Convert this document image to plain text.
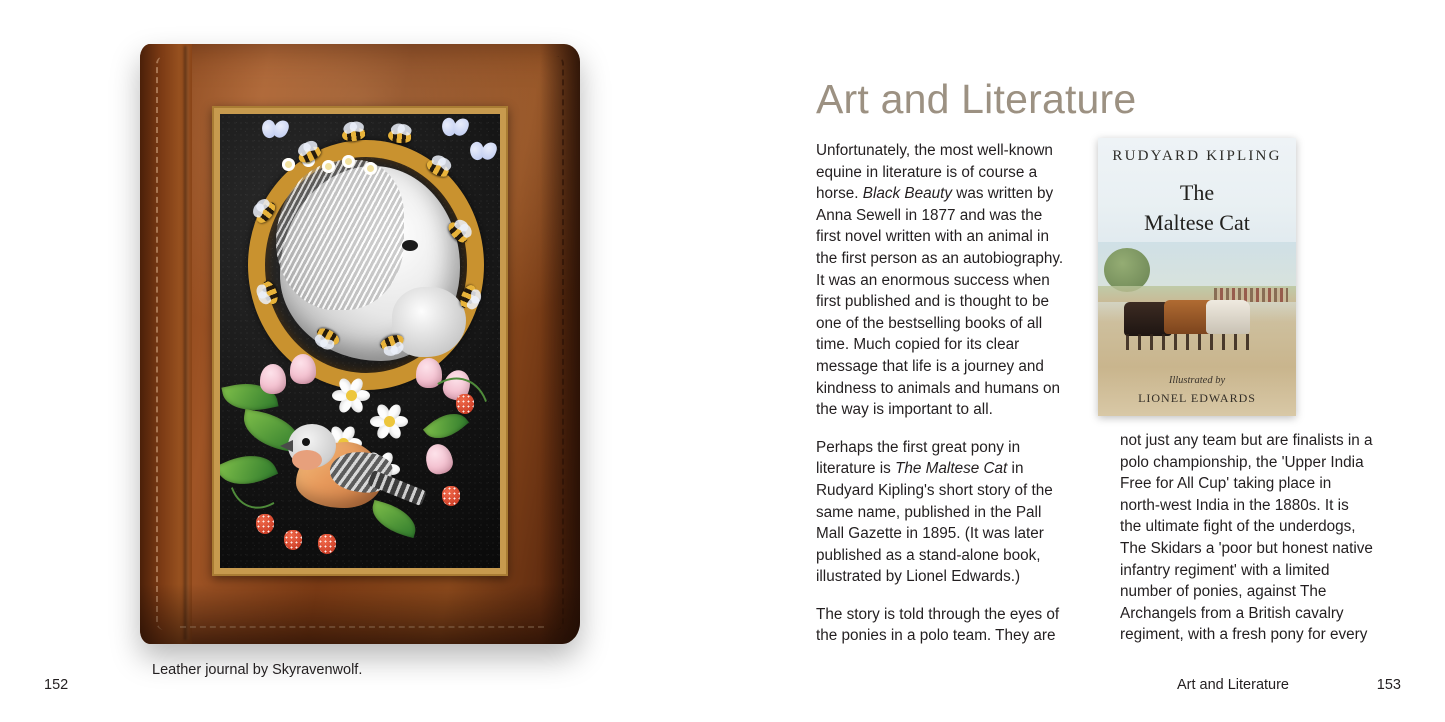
Leather journal by Skyravenwolf.
152
Art and Literature

Unfortunately, the most well-known equine in literature is of course a horse. Black Beauty was written by Anna Sewell in 1877 and was the first novel written with an animal in the first person as an autobiography. It was an enormous success when first published and is thought to be one of the bestselling books of all time. Much copied for its clear message that life is a journey and kindness to animals and humans on the way is important to all.

Perhaps the first great pony in literature is The Maltese Cat in Rudyard Kipling's short story of the same name, published in the Pall Mall Gazette in 1895. (It was later published as a stand-alone book, illustrated by Lionel Edwards.)

The story is told through the eyes of the ponies in a polo team. They are

RUDYARD KIPLING
The
Maltese Cat
Illustrated by
LIONEL EDWARDS

not just any team but are finalists in a polo championship, the 'Upper India Free for All Cup' taking place in north-west India in the 1880s. It is the ultimate fight of the underdogs, The Skidars a 'poor but honest native infantry regiment' with a limited number of ponies, against The Archangels from a British cavalry regiment, with a fresh pony for every

Art and Literature	153
